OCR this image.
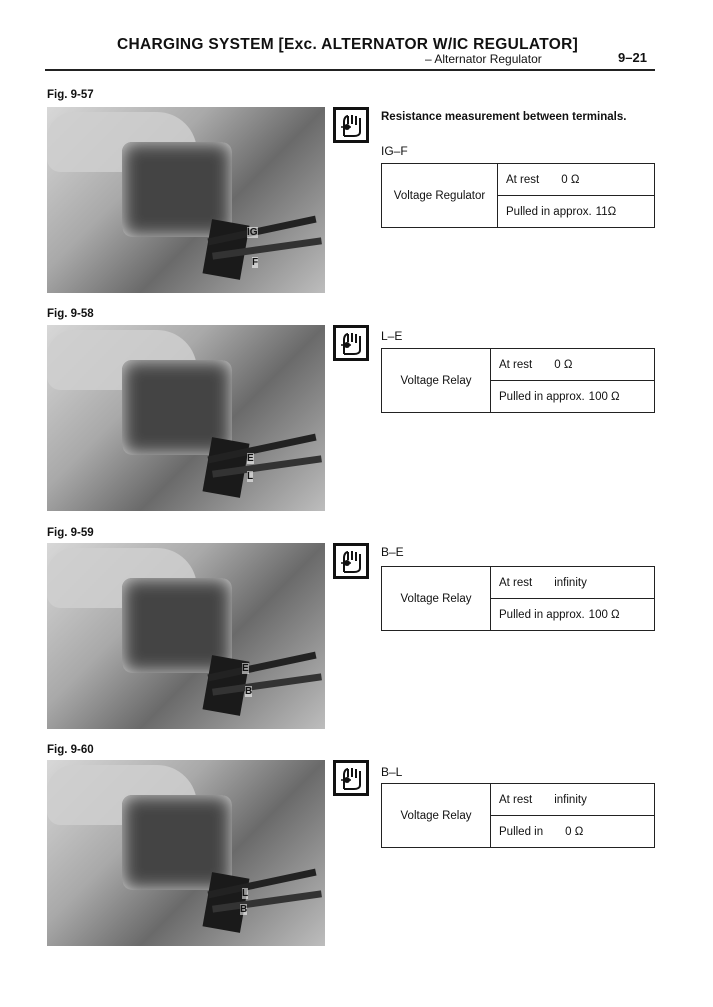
CHARGING SYSTEM [Exc. ALTERNATOR W/IC REGULATOR]
– Alternator Regulator	9–21
Fig. 9-57
IG
F
Resistance measurement between terminals.
IG–F
Voltage Regulator	At rest 0 Ω
Pulled in approx. 11Ω
Fig. 9-58
E
L
L–E
Voltage Relay	At rest 0 Ω
Pulled in approx. 100 Ω
Fig. 9-59
E
B
B–E
Voltage Relay	At rest infinity
Pulled in approx. 100 Ω
Fig. 9-60
L
B
B–L
Voltage Relay	At rest infinity
Pulled in 0 Ω
